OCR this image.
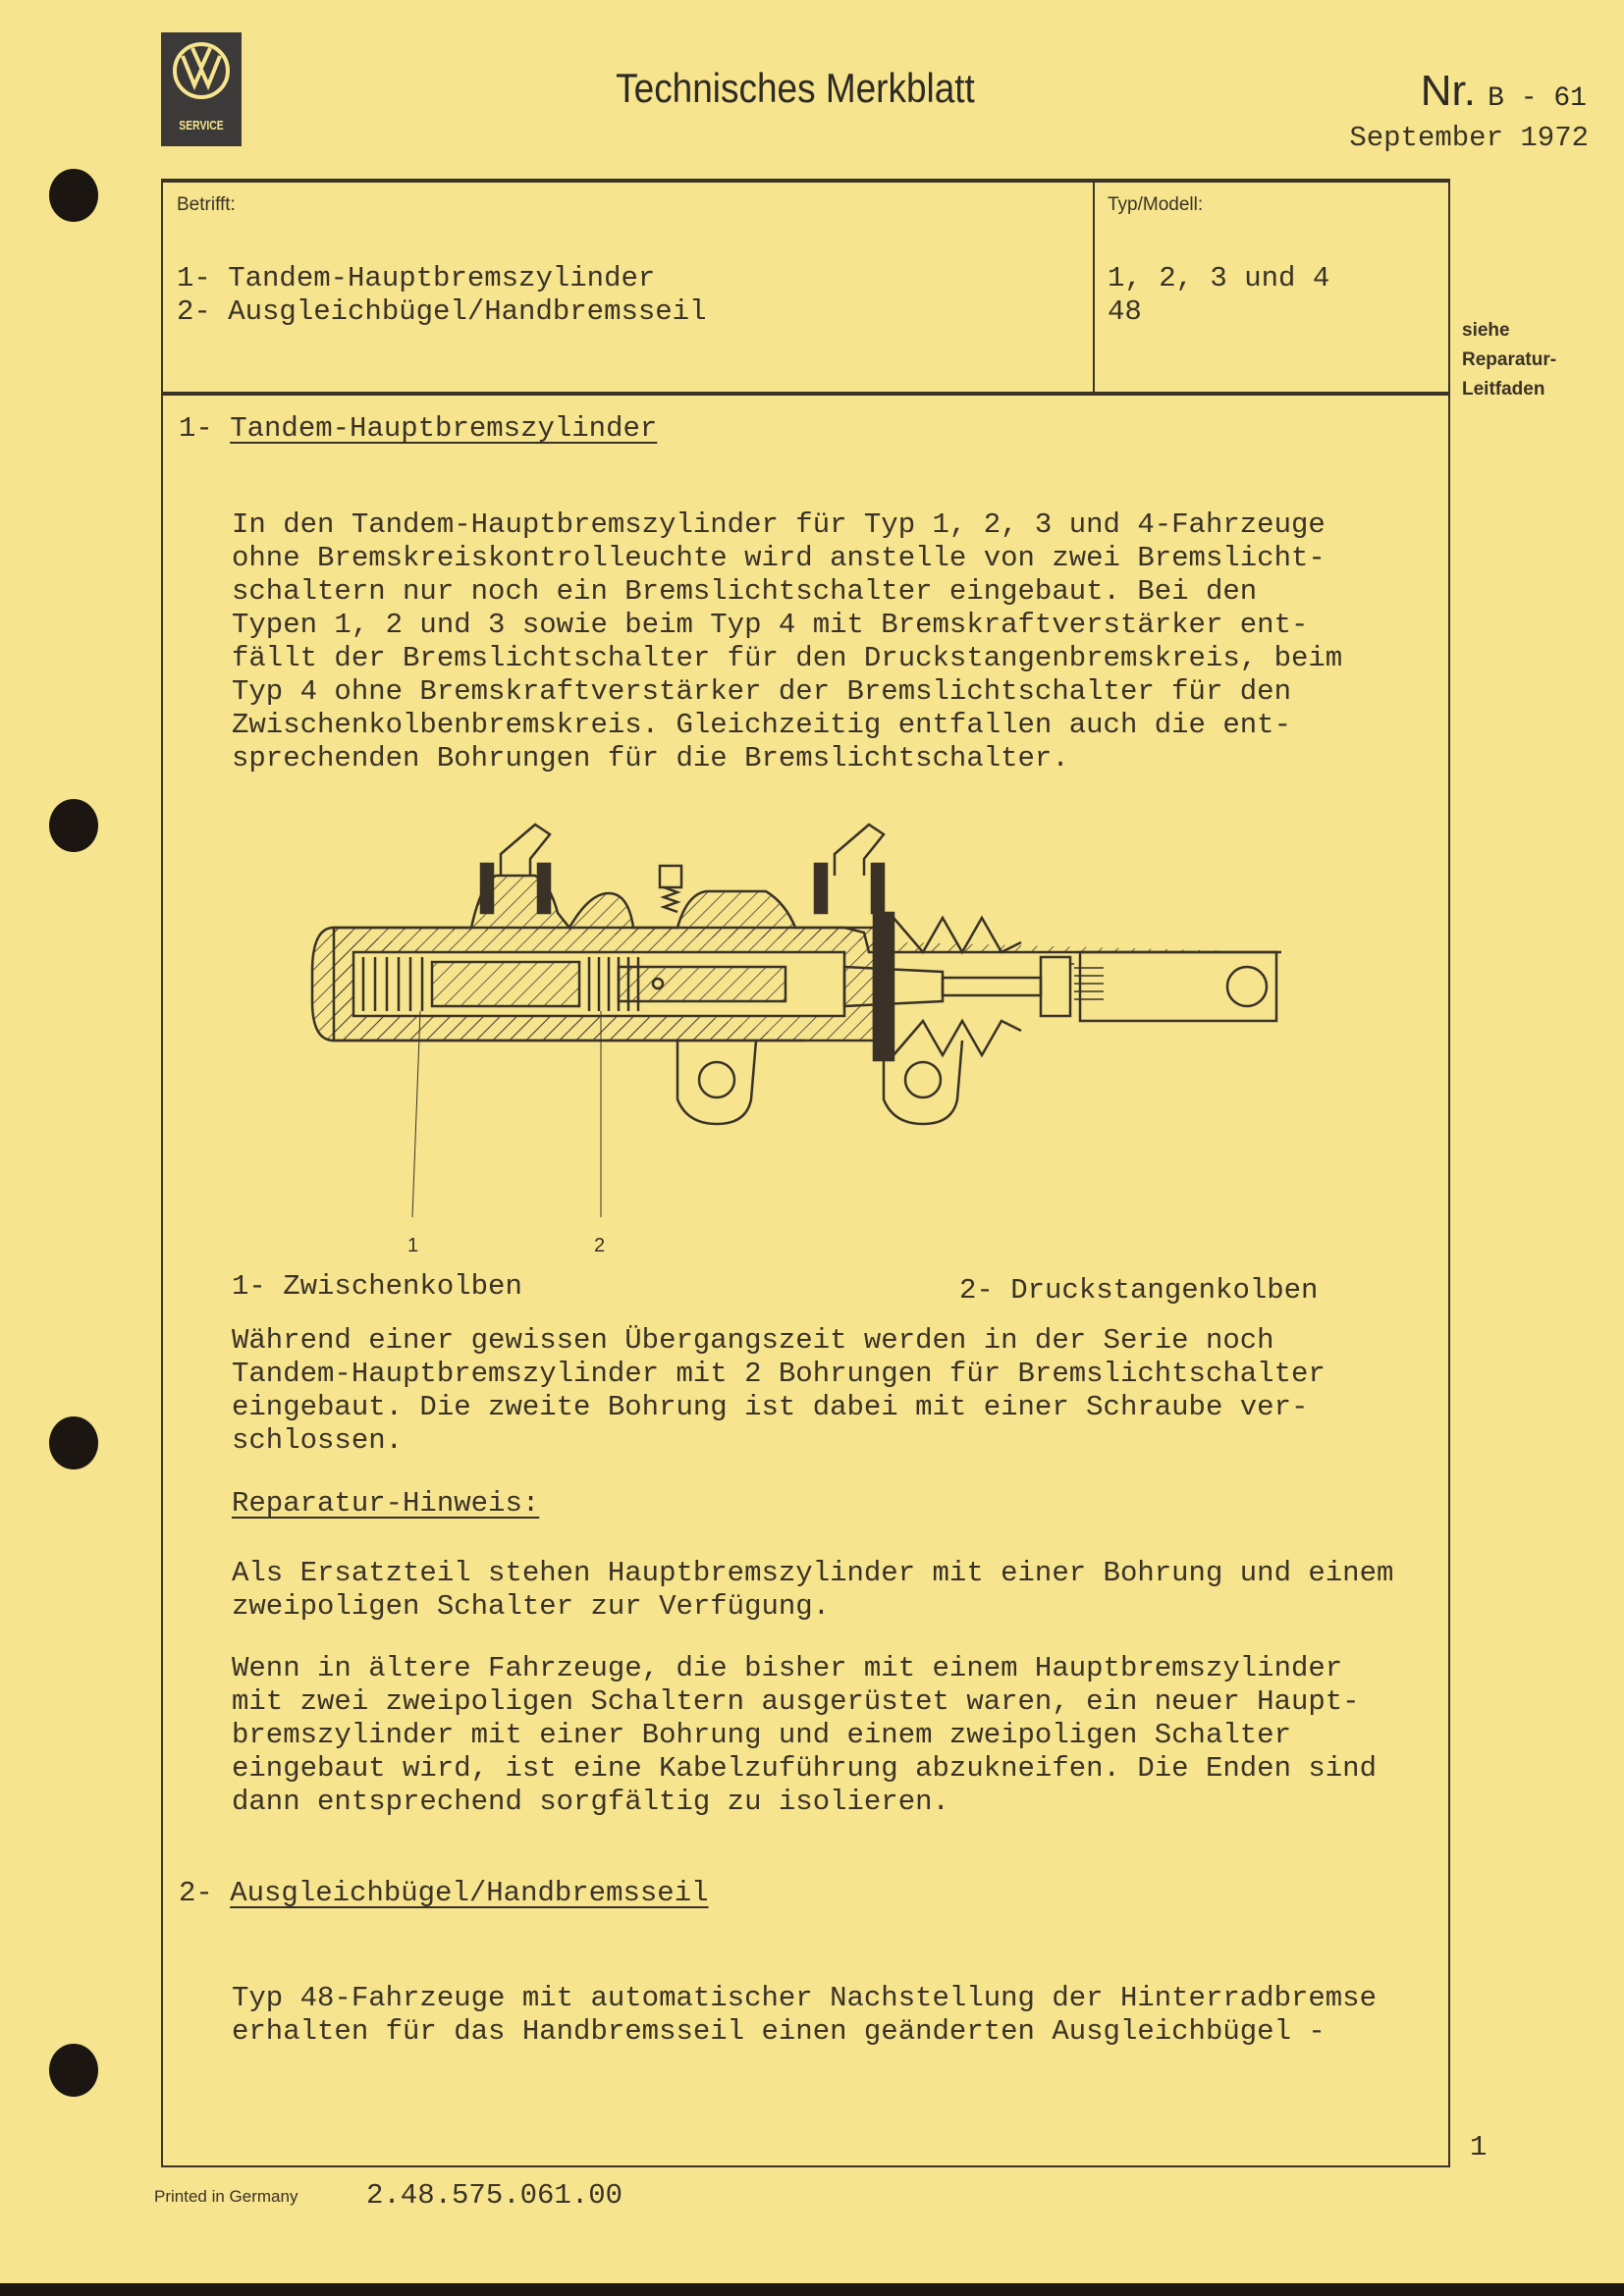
SERVICE
Technisches Merkblatt	Nr. B - 61
September 1972
Betrifft:
1- Tandem-Hauptbremszylinder
2- Ausgleichbügel/Handbremsseil
Typ/Modell:
1, 2, 3 und 4
48
siehe
Reparatur-
Leitfaden
1- Tandem-Hauptbremszylinder
In den Tandem-Hauptbremszylinder für Typ 1, 2, 3 und 4-Fahrzeuge
ohne Bremskreiskontrolleuchte wird anstelle von zwei Bremslicht-
schaltern nur noch ein Bremslichtschalter eingebaut. Bei den
Typen 1, 2 und 3 sowie beim Typ 4 mit Bremskraftverstärker ent-
fällt der Bremslichtschalter für den Druckstangenbremskreis, beim
Typ 4 ohne Bremskraftverstärker der Bremslichtschalter für den
Zwischenkolbenbremskreis. Gleichzeitig entfallen auch die ent-
sprechenden Bohrungen für die Bremslichtschalter.
1	2
1- Zwischenkolben	2- Druckstangenkolben
Während einer gewissen Übergangszeit werden in der Serie noch
Tandem-Hauptbremszylinder mit 2 Bohrungen für Bremslichtschalter
eingebaut. Die zweite Bohrung ist dabei mit einer Schraube ver-
schlossen.
Reparatur-Hinweis:
Als Ersatzteil stehen Hauptbremszylinder mit einer Bohrung und einem
zweipoligen Schalter zur Verfügung.
Wenn in ältere Fahrzeuge, die bisher mit einem Hauptbremszylinder
mit zwei zweipoligen Schaltern ausgerüstet waren, ein neuer Haupt-
bremszylinder mit einer Bohrung und einem zweipoligen Schalter
eingebaut wird, ist eine Kabelzuführung abzukneifen. Die Enden sind
dann entsprechend sorgfältig zu isolieren.
2- Ausgleichbügel/Handbremsseil
Typ 48-Fahrzeuge mit automatischer Nachstellung der Hinterradbremse
erhalten für das Handbremsseil einen geänderten Ausgleichbügel -
1
Printed in Germany 2.48.575.061.00
